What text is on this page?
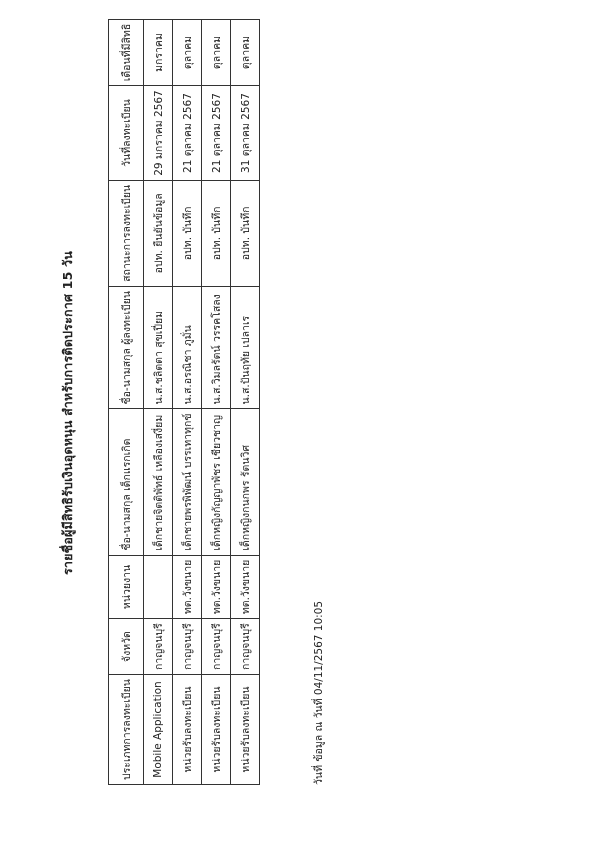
รายชื่อผู้มีสิทธิรับเงินอุดหนุน สำหรับการติดประกาศ 15 วัน
ประเภทการลงทะเบียน	จังหวัด	หน่วยงาน	ชื่อ-นามสกุล เด็กแรกเกิด	ชื่อ-นามสกุล ผู้ลงทะเบียน	สถานะการลงทะเบียน	วันที่ลงทะเบียน	เดือนที่มีสิทธิ
Mobile Application	กาญจนบุรี		เด็กชายจิตติพัทธ์ เหลืองเสงี่ยม	น.ส.ชลิตตา สุขเปี่ยม	อปท. ยืนยันข้อมูล	29 มกราคม 2567	มกราคม
หน่วยรับลงทะเบียน	กาญจนบุรี	ทต.วังขนาย	เด็กชายพรพิพัฒน์ บรรเทาทุกข์	น.ส.อรณิชา ภูมั่น	อปท. บันทึก	21 ตุลาคม 2567	ตุลาคม
หน่วยรับลงทะเบียน	กาญจนบุรี	ทต.วังขนาย	เด็กหญิงกัญญาพัชร เชียวชาญ	น.ส.วิมลรัตน์ วรรคโสลง	อปท. บันทึก	21 ตุลาคม 2567	ตุลาคม
หน่วยรับลงทะเบียน	กาญจนบุรี	ทต.วังขนาย	เด็กหญิงกนกพร รัตนวิศ	น.ส.ปันฤทัย เปลาเร	อปท. บันทึก	31 ตุลาคม 2567	ตุลาคม
วันที่ ข้อมูล ณ วันที่ 04/11/2567 10:05
